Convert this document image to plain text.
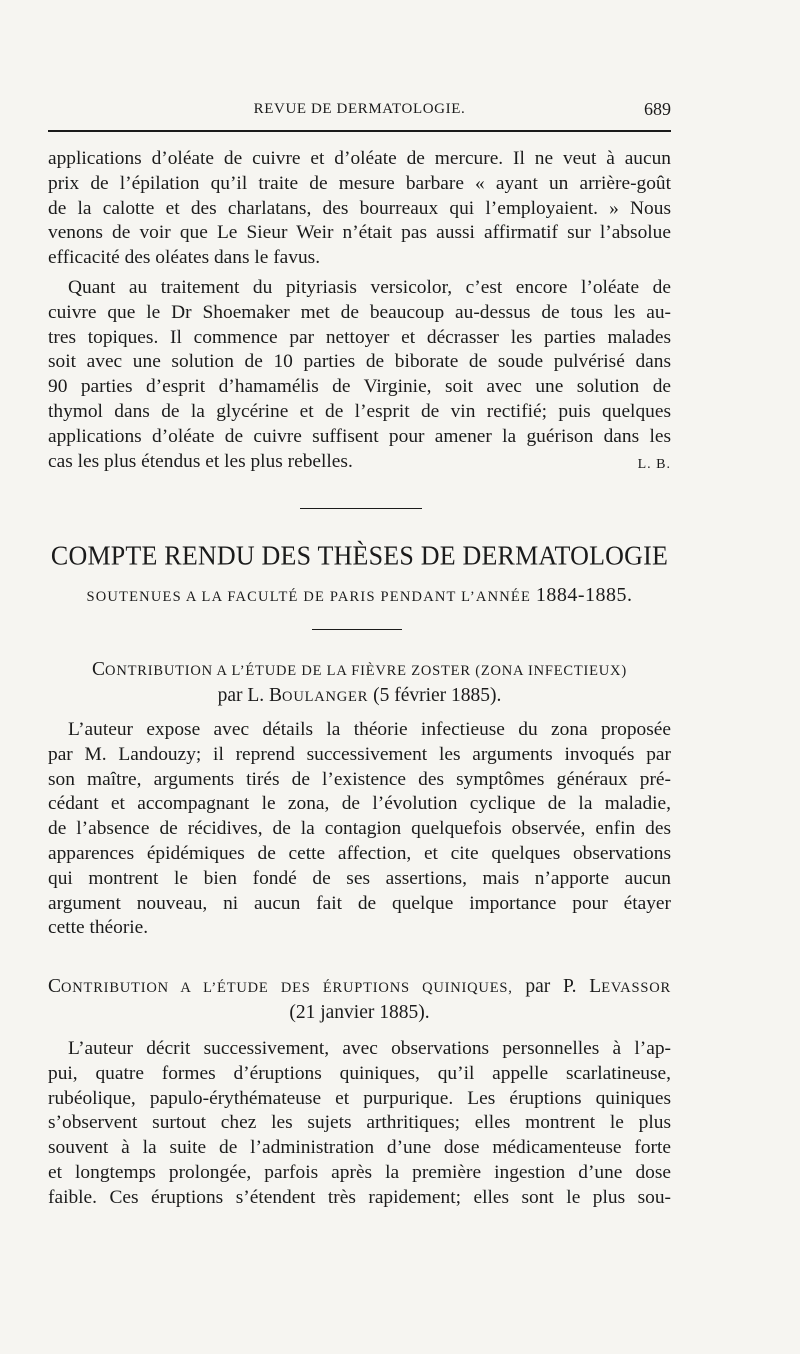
REVUE DE DERMATOLOGIE.	689
applications d’oléate de cuivre et d’oléate de mercure. Il ne veut à aucun
prix de l’épilation qu’il traite de mesure barbare « ayant un arrière-goût
de la calotte et des charlatans, des bourreaux qui l’employaient. » Nous
venons de voir que Le Sieur Weir n’était pas aussi affirmatif sur l’absolue
efficacité des oléates dans le favus.
Quant au traitement du pityriasis versicolor, c’est encore l’oléate de
cuivre que le Dr Shoemaker met de beaucoup au-dessus de tous les au-
tres topiques. Il commence par nettoyer et décrasser les parties malades
soit avec une solution de 10 parties de biborate de soude pulvérisé dans
90 parties d’esprit d’hamamélis de Virginie, soit avec une solution de
thymol dans de la glycérine et de l’esprit de vin rectifié; puis quelques
applications d’oléate de cuivre suffisent pour amener la guérison dans les
cas les plus étendus et les plus rebelles.	L. B.
COMPTE RENDU DES THÈSES DE DERMATOLOGIE
SOUTENUES A LA FACULTÉ DE PARIS PENDANT L’ANNÉE 1884-1885.
CONTRIBUTION A L’ÉTUDE DE LA FIÈVRE ZOSTER (ZONA INFECTIEUX)
par L. BOULANGER (5 février 1885).
L’auteur expose avec détails la théorie infectieuse du zona proposée
par M. Landouzy; il reprend successivement les arguments invoqués par
son maître, arguments tirés de l’existence des symptômes généraux pré-
cédant et accompagnant le zona, de l’évolution cyclique de la maladie,
de l’absence de récidives, de la contagion quelquefois observée, enfin des
apparences épidémiques de cette affection, et cite quelques observations
qui montrent le bien fondé de ses assertions, mais n’apporte aucun
argument nouveau, ni aucun fait de quelque importance pour étayer
cette théorie.
CONTRIBUTION A L’ÉTUDE DES ÉRUPTIONS QUINIQUES, par P. LEVASSOR
(21 janvier 1885).
L’auteur décrit successivement, avec observations personnelles à l’ap-
pui, quatre formes d’éruptions quiniques, qu’il appelle scarlatineuse,
rubéolique, papulo-érythémateuse et purpurique. Les éruptions quiniques
s’observent surtout chez les sujets arthritiques; elles montrent le plus
souvent à la suite de l’administration d’une dose médicamenteuse forte
et longtemps prolongée, parfois après la première ingestion d’une dose
faible. Ces éruptions s’étendent très rapidement; elles sont le plus sou-
